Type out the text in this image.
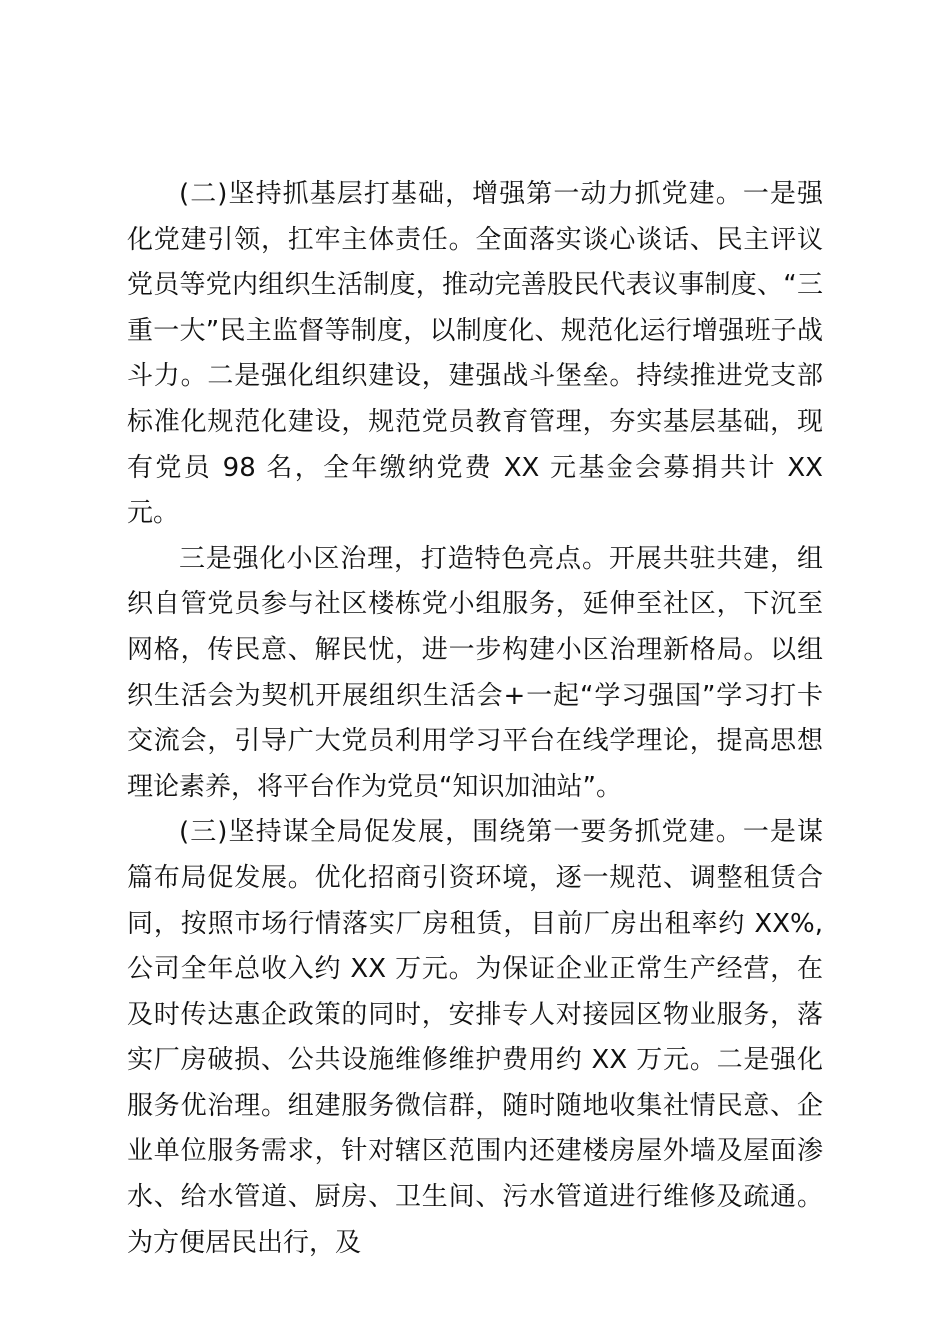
(二)坚持抓基层打基础，增强第一动力抓党建。一是强化党建引领，扛牢主体责任。全面落实谈心谈话、民主评议党员等党内组织生活制度，推动完善股民代表议事制度、“三重一大”民主监督等制度，以制度化、规范化运行增强班子战斗力。二是强化组织建设，建强战斗堡垒。持续推进党支部标准化规范化建设，规范党员教育管理，夯实基层基础，现有党员 98 名，全年缴纳党费 XX 元基金会募捐共计 XX 元。

三是强化小区治理，打造特色亮点。开展共驻共建，组织自管党员参与社区楼栋党小组服务，延伸至社区，下沉至网格，传民意、解民忧，进一步构建小区治理新格局。以组织生活会为契机开展组织生活会+一起“学习强国”学习打卡交流会，引导广大党员利用学习平台在线学理论，提高思想理论素养，将平台作为党员“知识加油站”。

(三)坚持谋全局促发展，围绕第一要务抓党建。一是谋篇布局促发展。优化招商引资环境，逐一规范、调整租赁合同，按照市场行情落实厂房租赁，目前厂房出租率约 XX%,公司全年总收入约 XX 万元。为保证企业正常生产经营，在及时传达惠企政策的同时，安排专人对接园区物业服务，落实厂房破损、公共设施维修维护费用约 XX 万元。二是强化服务优治理。组建服务微信群，随时随地收集社情民意、企业单位服务需求，针对辖区范围内还建楼房屋外墙及屋面渗水、给水管道、厨房、卫生间、污水管道进行维修及疏通。为方便居民出行，及
